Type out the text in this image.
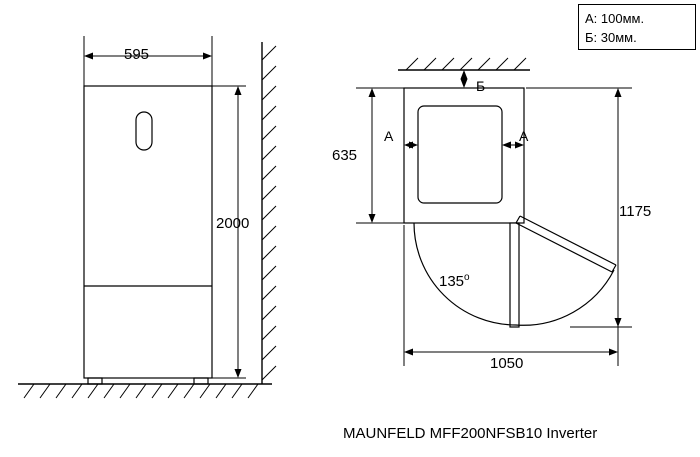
595
2000
Б
А	А
635
1175
1050
135$^o$
А: 100мм.
Б: 30мм.
MAUNFELD MFF200NFSB10 Inverter
